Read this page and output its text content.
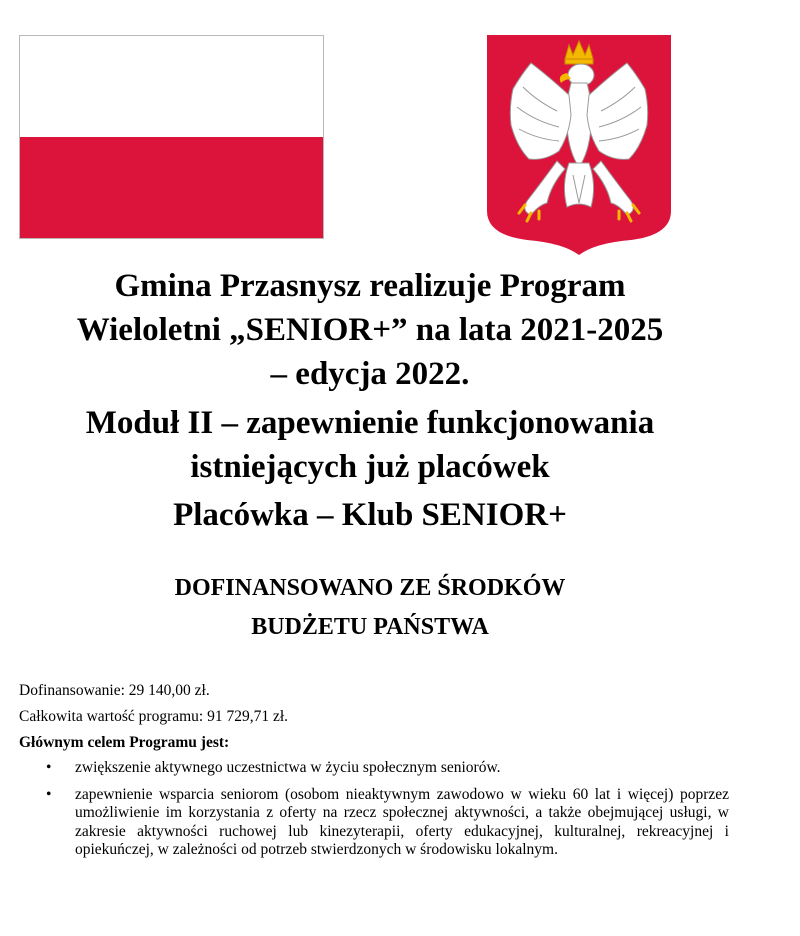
Gmina Przasnysz realizuje Program
Wieloletni „SENIOR+” na lata 2021-2025
– edycja 2022.
Moduł II – zapewnienie funkcjonowania
istniejących już placówek
Placówka – Klub SENIOR+
DOFINANSOWANO ZE ŚRODKÓW
BUDŻETU PAŃSTWA

Dofinansowanie: 29 140,00 zł.

Całkowita wartość programu: 91 729,71 zł.

Głównym celem Programu jest:

• zwiększenie aktywnego uczestnictwa w życiu społecznym seniorów.
• zapewnienie wsparcia seniorom (osobom nieaktywnym zawodowo w wieku 60 lat i więcej) poprzez umożliwienie im korzystania z oferty na rzecz społecznej aktywności, a także obejmującej usługi, w zakresie aktywności ruchowej lub kinezyterapii, oferty edukacyjnej, kulturalnej, rekreacyjnej i opiekuńczej, w zależności od potrzeb stwierdzonych w środowisku lokalnym.
